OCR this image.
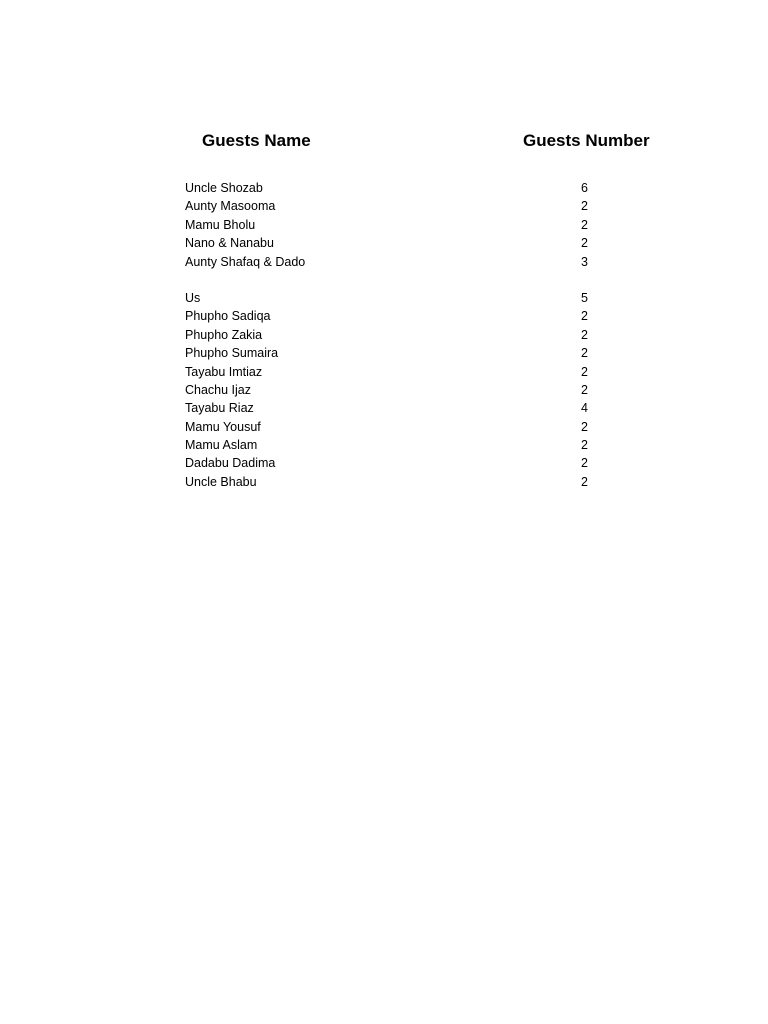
Guests Name	Guests Number
Uncle Shozab	6
Aunty Masooma	2
Mamu Bholu	2
Nano & Nanabu	2
Aunty Shafaq & Dado	3
Us	5
Phupho Sadiqa	2
Phupho Zakia	2
Phupho Sumaira	2
Tayabu Imtiaz	2
Chachu Ijaz	2
Tayabu Riaz	4
Mamu Yousuf	2
Mamu Aslam	2
Dadabu Dadima	2
Uncle Bhabu	2
